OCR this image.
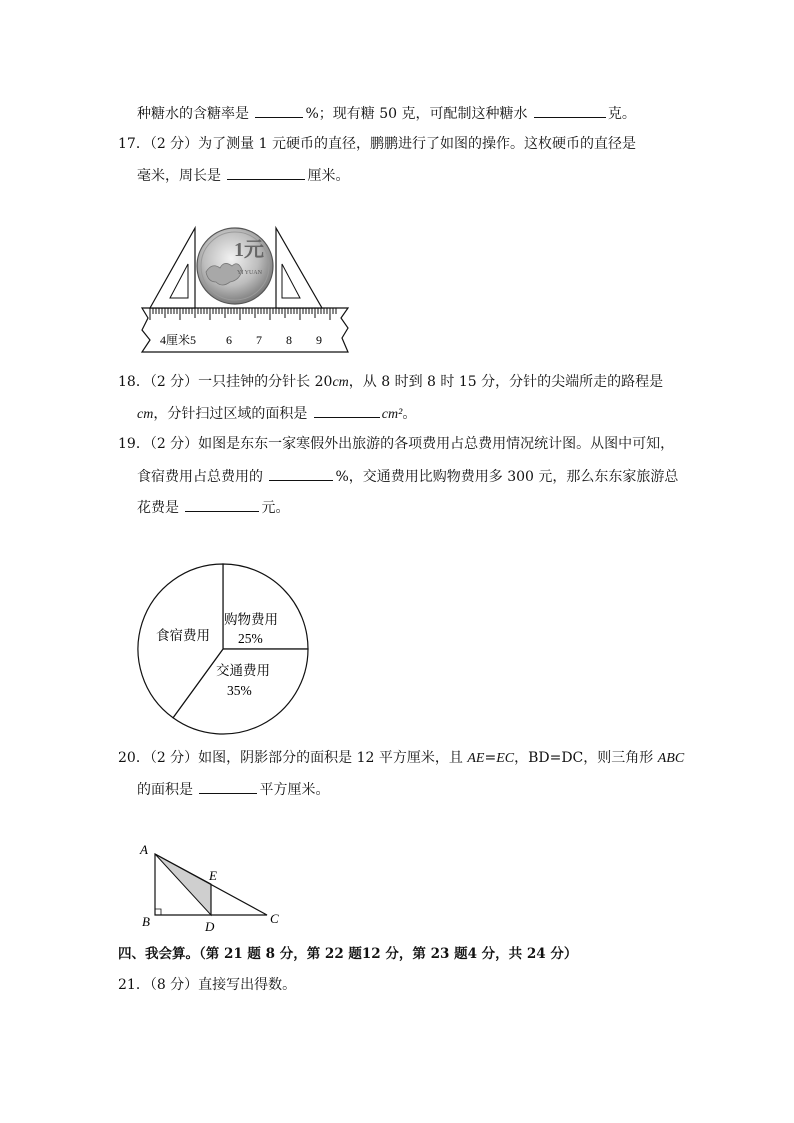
种糖水的含糖率是	%；现有糖 50 克，可配制这种糖水	克。
17．（2 分）为了测量 1 元硬币的直径，鹏鹏进行了如图的操作。这枚硬币的直径是
毫米，周长是	厘米。
4厘米5 6 7 8 9
1元
YI YUAN
18．（2 分）一只挂钟的分针长 20cm，从 8 时到 8 时 15 分，分针的尖端所走的路程是
cm，分针扫过区域的面积是	cm²。
19．（2 分）如图是东东一家寒假外出旅游的各项费用占总费用情况统计图。从图中可知，
食宿费用占总费用的	%，交通费用比购物费用多 300 元，那么东东家旅游总
花费是	元。
购物费用
25%
交通费用
35%
食宿费用
20．（2 分）如图，阴影部分的面积是 12 平方厘米，且 AE=EC，BD=DC，则三角形 ABC
的面积是	平方厘米。
A
B	C
D
E
四、我会算。（第 21 题 8 分，第 22 题12 分，第 23 题4 分，共 24 分）
21．（8 分）直接写出得数。
